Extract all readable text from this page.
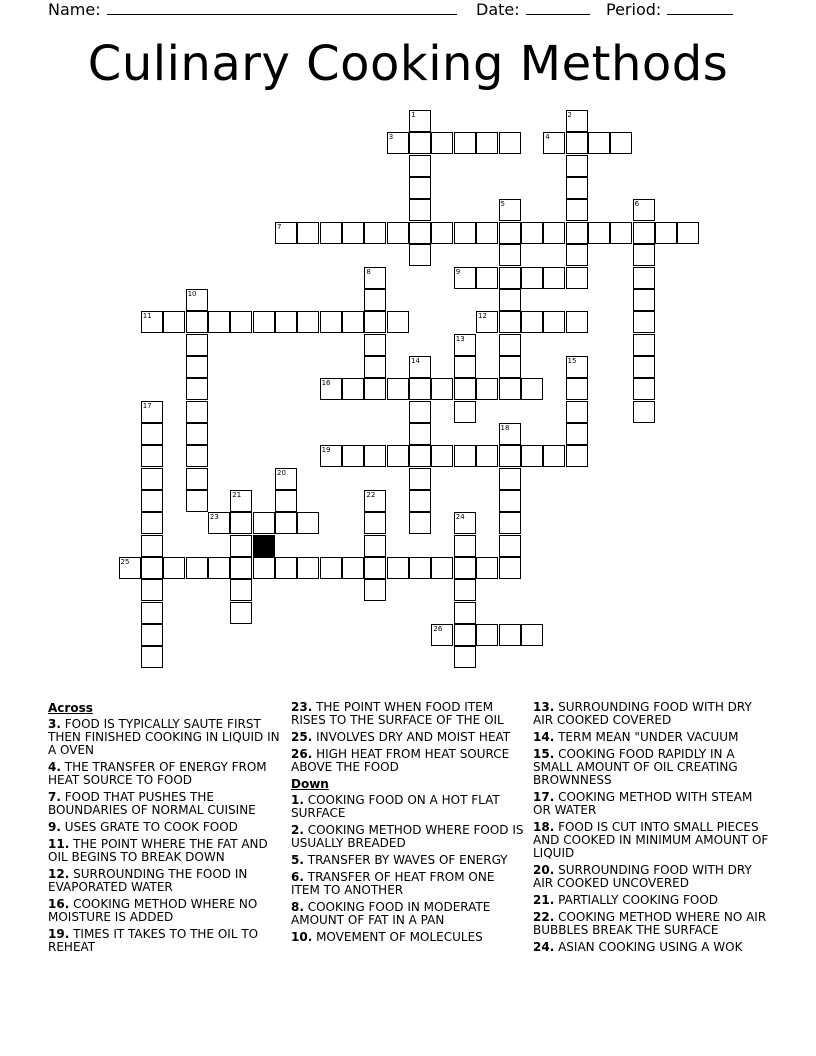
Name:	Date:	Period:
Culinary Cooking Methods
1	2
3	4
5	6
7
8	9
10
11	12
13
14	15
16
17
18
19
20
21	22
23	24
25
26
Across
3. FOOD IS TYPICALLY SAUTE FIRST THEN FINISHED COOKING IN LIQUID IN A OVEN
4. THE TRANSFER OF ENERGY FROM HEAT SOURCE TO FOOD
7. FOOD THAT PUSHES THE BOUNDARIES OF NORMAL CUISINE
9. USES GRATE TO COOK FOOD
11. THE POINT WHERE THE FAT AND OIL BEGINS TO BREAK DOWN
12. SURROUNDING THE FOOD IN EVAPORATED WATER
16. COOKING METHOD WHERE NO MOISTURE IS ADDED
19. TIMES IT TAKES TO THE OIL TO REHEAT
23. THE POINT WHEN FOOD ITEM RISES TO THE SURFACE OF THE OIL
25. INVOLVES DRY AND MOIST HEAT
26. HIGH HEAT FROM HEAT SOURCE ABOVE THE FOOD
Down
1. COOKING FOOD ON A HOT FLAT SURFACE
2. COOKING METHOD WHERE FOOD IS USUALLY BREADED
5. TRANSFER BY WAVES OF ENERGY
6. TRANSFER OF HEAT FROM ONE ITEM TO ANOTHER
8. COOKING FOOD IN MODERATE AMOUNT OF FAT IN A PAN
10. MOVEMENT OF MOLECULES
13. SURROUNDING FOOD WITH DRY AIR COOKED COVERED
14. TERM MEAN "UNDER VACUUM
15. COOKING FOOD RAPIDLY IN A SMALL AMOUNT OF OIL CREATING BROWNNESS
17. COOKING METHOD WITH STEAM OR WATER
18. FOOD IS CUT INTO SMALL PIECES AND COOKED IN MINIMUM AMOUNT OF LIQUID
20. SURROUNDING FOOD WITH DRY AIR COOKED UNCOVERED
21. PARTIALLY COOKING FOOD
22. COOKING METHOD WHERE NO AIR BUBBLES BREAK THE SURFACE
24. ASIAN COOKING USING A WOK
